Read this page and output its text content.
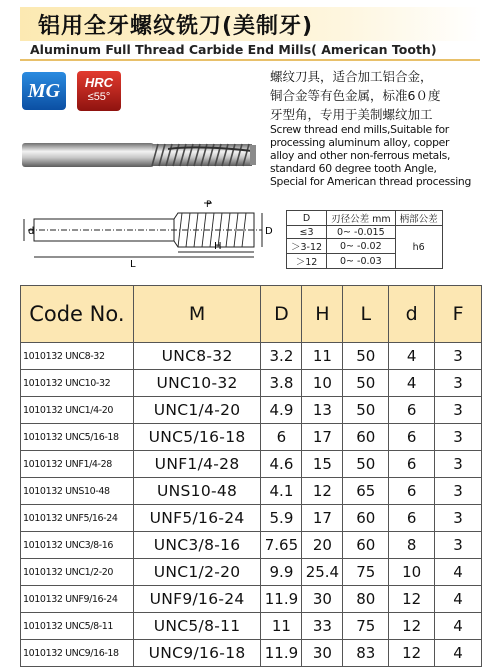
铝用全牙螺纹铣刀(美制牙)
Aluminum Full Thread Carbide End Mills( American Tooth)
MG	HRC
≤55°
螺纹刀具，适合加工铝合金，
铜合金等有色金属，标准6０度
牙型角，专用于美制螺纹加工
Screw thread end mills,Suitable for
processing aluminum alloy, copper
alloy and other non-ferrous metals,
standard 60 degree tooth Angle,
Special for American thread processing
d
L
H
D
P
D	刃径公差 mm	柄部公差
≤3	0~ -0.015	h6
＞3-12	0~ -0.02	
＞12	0~ -0.03	
Code No.	M	D	H	L	d	F
1010132 UNC8-32	UNC8-32	3.2	11	50	4	3
1010132 UNC10-32	UNC10-32	3.8	10	50	4	3
1010132 UNC1/4-20	UNC1/4-20	4.9	13	50	6	3
1010132 UNC5/16-18	UNC5/16-18	6	17	60	6	3
1010132 UNF1/4-28	UNF1/4-28	4.6	15	50	6	3
1010132 UNS10-48	UNS10-48	4.1	12	65	6	3
1010132 UNF5/16-24	UNF5/16-24	5.9	17	60	6	3
1010132 UNC3/8-16	UNC3/8-16	7.65	20	60	8	3
1010132 UNC1/2-20	UNC1/2-20	9.9	25.4	75	10	4
1010132 UNF9/16-24	UNF9/16-24	11.9	30	80	12	4
1010132 UNC5/8-11	UNC5/8-11	11	33	75	12	4
1010132 UNC9/16-18	UNC9/16-18	11.9	30	83	12	4
